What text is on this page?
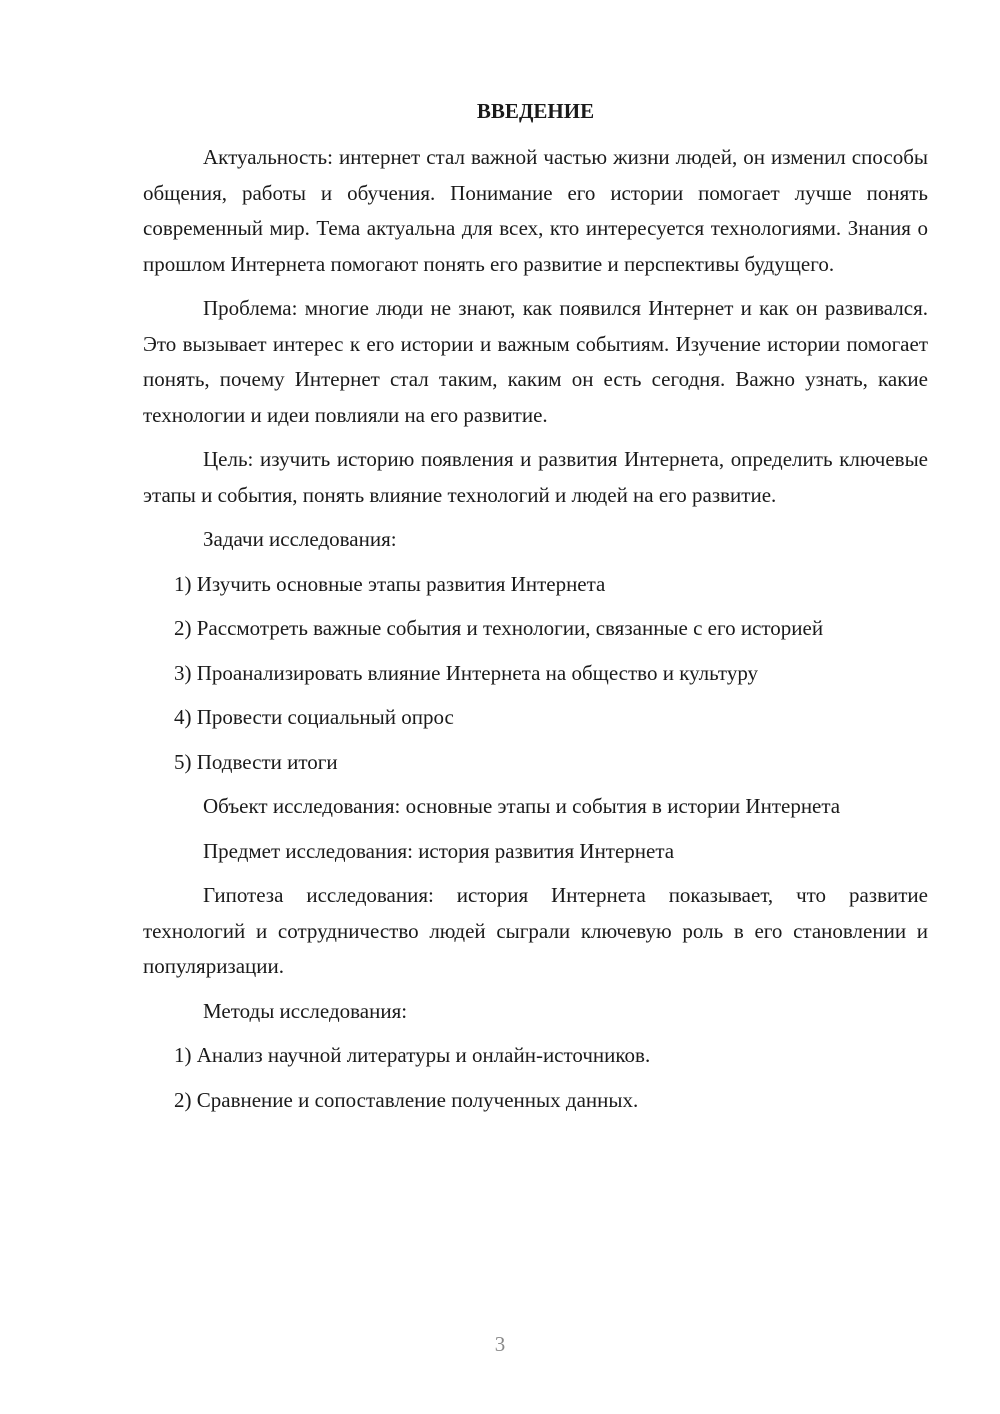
ВВЕДЕНИЕ

Актуальность: интернет стал важной частью жизни людей, он изменил способы общения, работы и обучения. Понимание его истории помогает лучше понять современный мир. Тема актуальна для всех, кто интересуется технологиями. Знания о прошлом Интернета помогают понять его развитие и перспективы будущего.

Проблема: многие люди не знают, как появился Интернет и как он развивался. Это вызывает интерес к его истории и важным событиям. Изучение истории помогает понять, почему Интернет стал таким, каким он есть сегодня. Важно узнать, какие технологии и идеи повлияли на его развитие.

Цель: изучить историю появления и развития Интернета, определить ключевые этапы и события, понять влияние технологий и людей на его развитие.

Задачи исследования:

1) Изучить основные этапы развития Интернета

2) Рассмотреть важные события и технологии, связанные с его историей

3) Проанализировать влияние Интернета на общество и культуру

4) Провести социальный опрос

5) Подвести итоги

Объект исследования: основные этапы и события в истории Интернета

Предмет исследования: история развития Интернета

Гипотеза исследования: история Интернета показывает, что развитие технологий и сотрудничество людей сыграли ключевую роль в его становлении и популяризации.

Методы исследования:

1) Анализ научной литературы и онлайн-источников.

2) Сравнение и сопоставление полученных данных.

3
